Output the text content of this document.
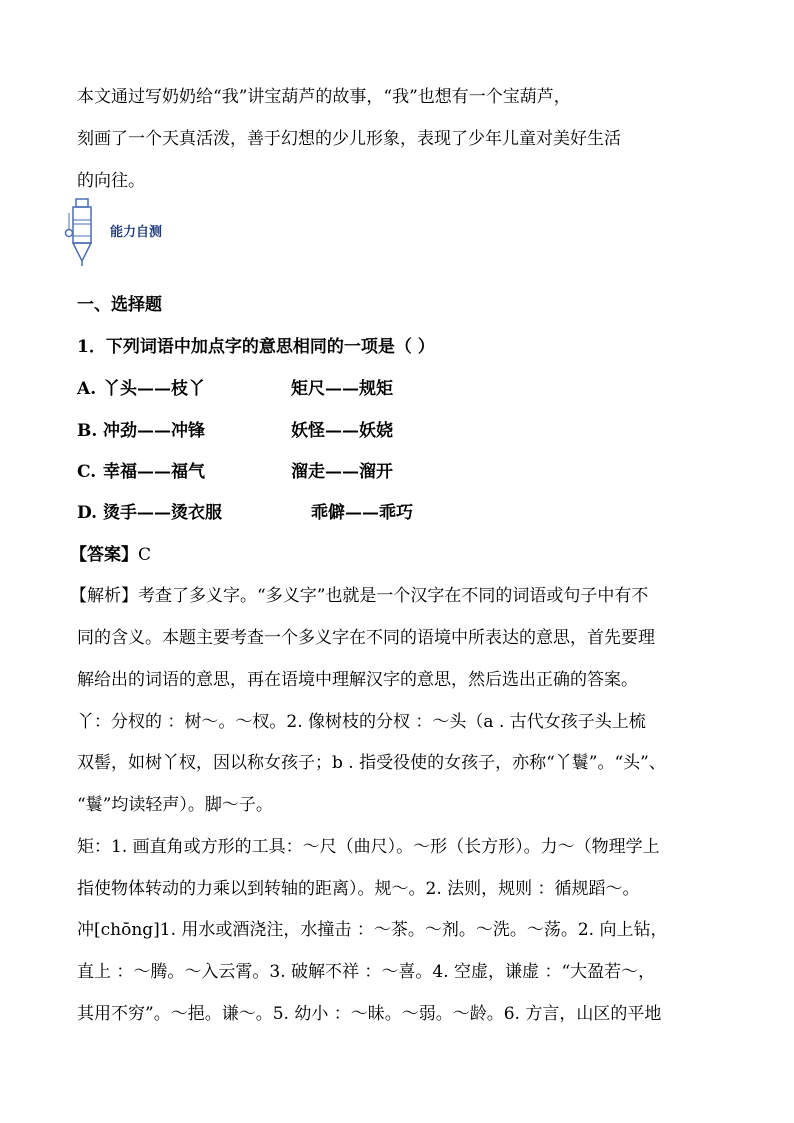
本文通过写奶奶给“我”讲宝葫芦的故事，“我”也想有一个宝葫芦，
刻画了一个天真活泼，善于幻想的少儿形象，表现了少年儿童对美好生活
的向往。
能力自测
一、选择题
1．下列词语中加点字的意思相同的一项是（ ）
A. 丫头——枝丫	矩尺——规矩
B. 冲劲——冲锋	妖怪——妖娆
C. 幸福——福气	溜走——溜开
D. 烫手——烫衣服	乖僻——乖巧
【答案】C
【解析】考查了多义字。“多义字”也就是一个汉字在不同的词语或句子中有不
同的含义。本题主要考查一个多义字在不同的语境中所表达的意思，首先要理
解给出的词语的意思，再在语境中理解汉字的意思，然后选出正确的答案。
丫：分杈的 ：树～。～杈。2. 像树枝的分杈 ：～头（a . 古代女孩子头上梳
双髻，如树丫杈，因以称女孩子；b . 指受役使的女孩子，亦称“丫鬟”。“头”、
“鬟”均读轻声）。脚～子。
矩：1. 画直角或方形的工具：～尺（曲尺）。～形（长方形）。力～（物理学上
指使物体转动的力乘以到转轴的距离）。规～。2. 法则，规则 ：循规蹈～。
冲[chōng]1. 用水或酒浇注，水撞击 ：～茶。～剂。～洗。～荡。2. 向上钻，
直上 ：～腾。～入云霄。3. 破解不祥 ：～喜。4. 空虚，谦虚 ：“大盈若～，
其用不穷”。～挹。谦～。5. 幼小 ：～昧。～弱。～龄。6. 方言，山区的平地
